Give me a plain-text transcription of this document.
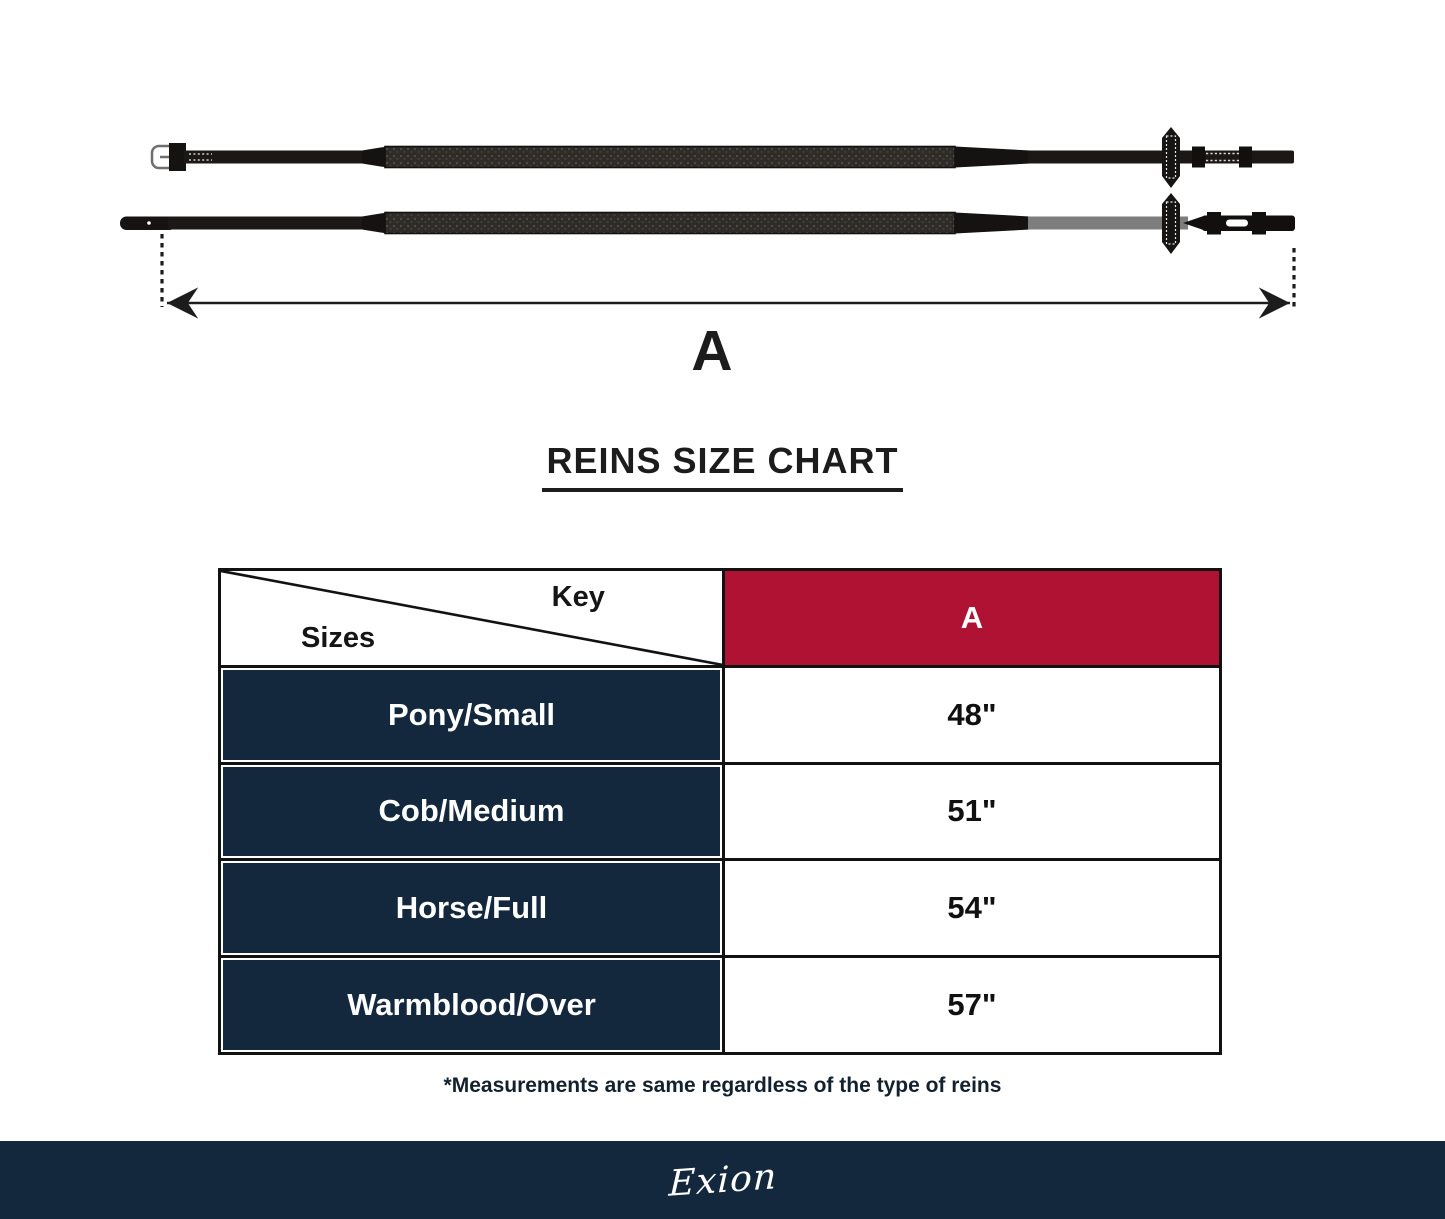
A
REINS SIZE CHART
Key
Sizes
A
Pony/Small	48"
Cob/Medium	51"
Horse/Full	54"
Warmblood/Over	57"
*Measurements are same regardless of the type of reins
Exion
